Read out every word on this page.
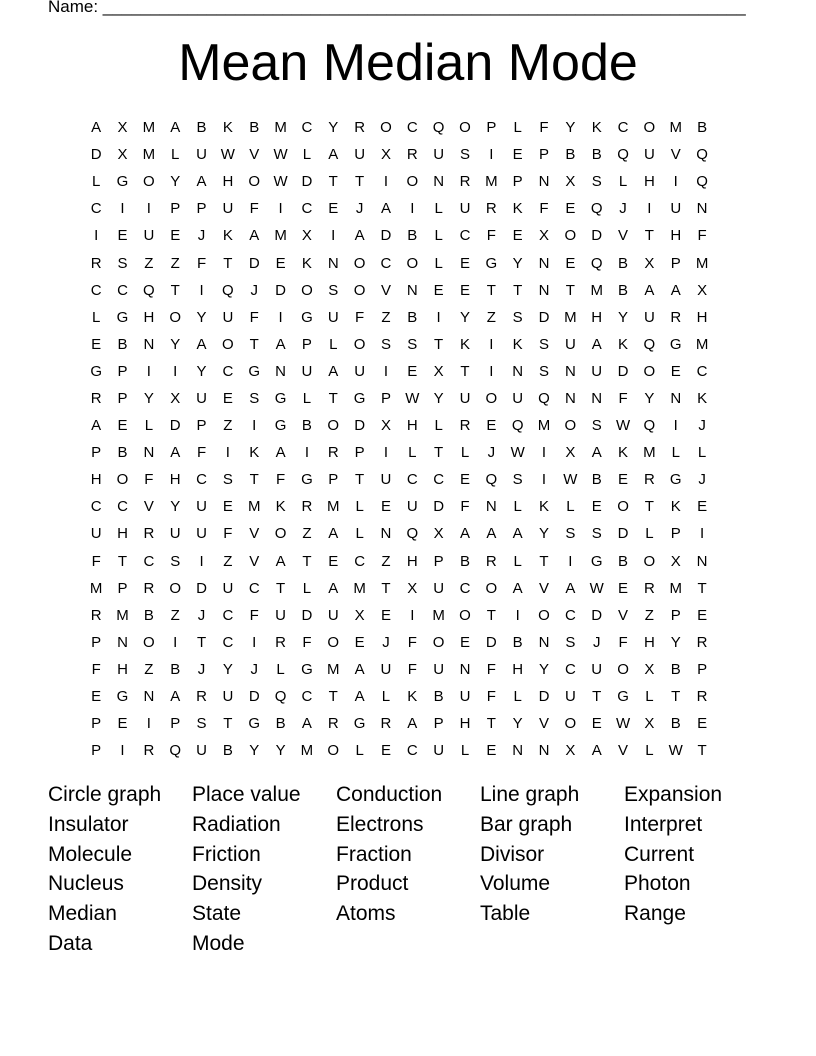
Name: ____________________________________________________________________
Mean Median Mode
A	X	M	A	B	K	B	M C	Y	R	O	C	Q O	P	L	F	Y	K	C	O M	B
D	X	M	L	U W V W	L	A	U	X	R	U	S	I	E	P	B	B	Q	U	V	Q
L	G O	Y	A	H	O W D	T	T	I	O	N	R M	P	N	X	S	L	H	I	Q
C	I	I	P	P	U	F	I	C	E	J	A	I	L	U	R	K	F	E	Q	J	I	U	N
I	E	U	E	J	K	A	M	X	I	A	D	B	L	C	F	E	X	O	D	V	T	H	F
R	S	Z	Z	F	T	D	E	K	N	O	C	O	L	E	G	Y	N	E	Q	B	X	P	M
C	C	Q	T	I	Q	J	D	O	S	O	V	N	E	E	T	T	N	T	M	B	A	A	X
L	G	H	O	Y	U	F	I	G	U	F	Z	B	I	Y	Z	S	D M H	Y	U	R	H
E	B	N	Y	A	O	T	A	P	L	O	S	S	T	K	I	K	S	U	A	K	Q G M
G	P	I	I	Y	C	G	N	U	A	U	I	E	X	T	I	N	S	N	U	D	O	E	C
R	P	Y	X	U	E	S	G	L	T	G	P W Y	U	O	U	Q	N	N	F	Y	N	K
A	E	L	D	P	Z	I	G	B	O	D	X	H	L	R	E	Q M O	S W Q	I	J
P	B	N	A	F	I	K	A	I	R	P	I	L	T	L	J	W	I	X	A	K	M	L	L
H	O	F	H	C	S	T	F	G	P	T	U	C	C	E	Q	S	I	W B	E	R	G	J
C	C	V	Y	U	E	M	K	R M	L	E	U	D	F	N	L	K	L	E	O	T	K	E
U	H	R	U	U	F	V	O	Z	A	L	N	Q	X	A	A	A	Y	S	S	D	L	P	I
F	T	C	S	I	Z	V	A	T	E	C	Z	H	P	B	R	L	T	I	G	B	O	X	N
M	P	R	O	D	U	C	T	L	A	M	T	X	U	C	O	A	V	A W E	R M	T
R M	B	Z	J	C	F	U	D	U	X	E	I	M O	T	I	O	C	D	V	Z	P	E
P	N	O	I	T	C	I	R	F	O	E	J	F	O	E	D	B	N	S	J	F	H	Y	R
F	H	Z	B	J	Y	J	L	G M	A	U	F	U	N	F	H	Y	C	U	O	X	B	P
E	G	N	A	R	U	D	Q	C	T	A	L	K	B	U	F	L	D	U	T	G	L	T	R
P	E	I	P	S	T	G	B	A	R	G	R	A	P	H	T	Y	V	O	E W X	B	E
P	I	R	Q	U	B	Y	Y	M O	L	E	C	U	L	E	N	N	X	A	V	L	W T
Circle graph	Place value	Conduction	Line graph	Expansion
Insulator	Radiation	Electrons	Bar graph	Interpret
Molecule	Friction	Fraction	Divisor	Current
Nucleus	Density	Product	Volume	Photon
Median	State	Atoms	Table	Range
Data	Mode
